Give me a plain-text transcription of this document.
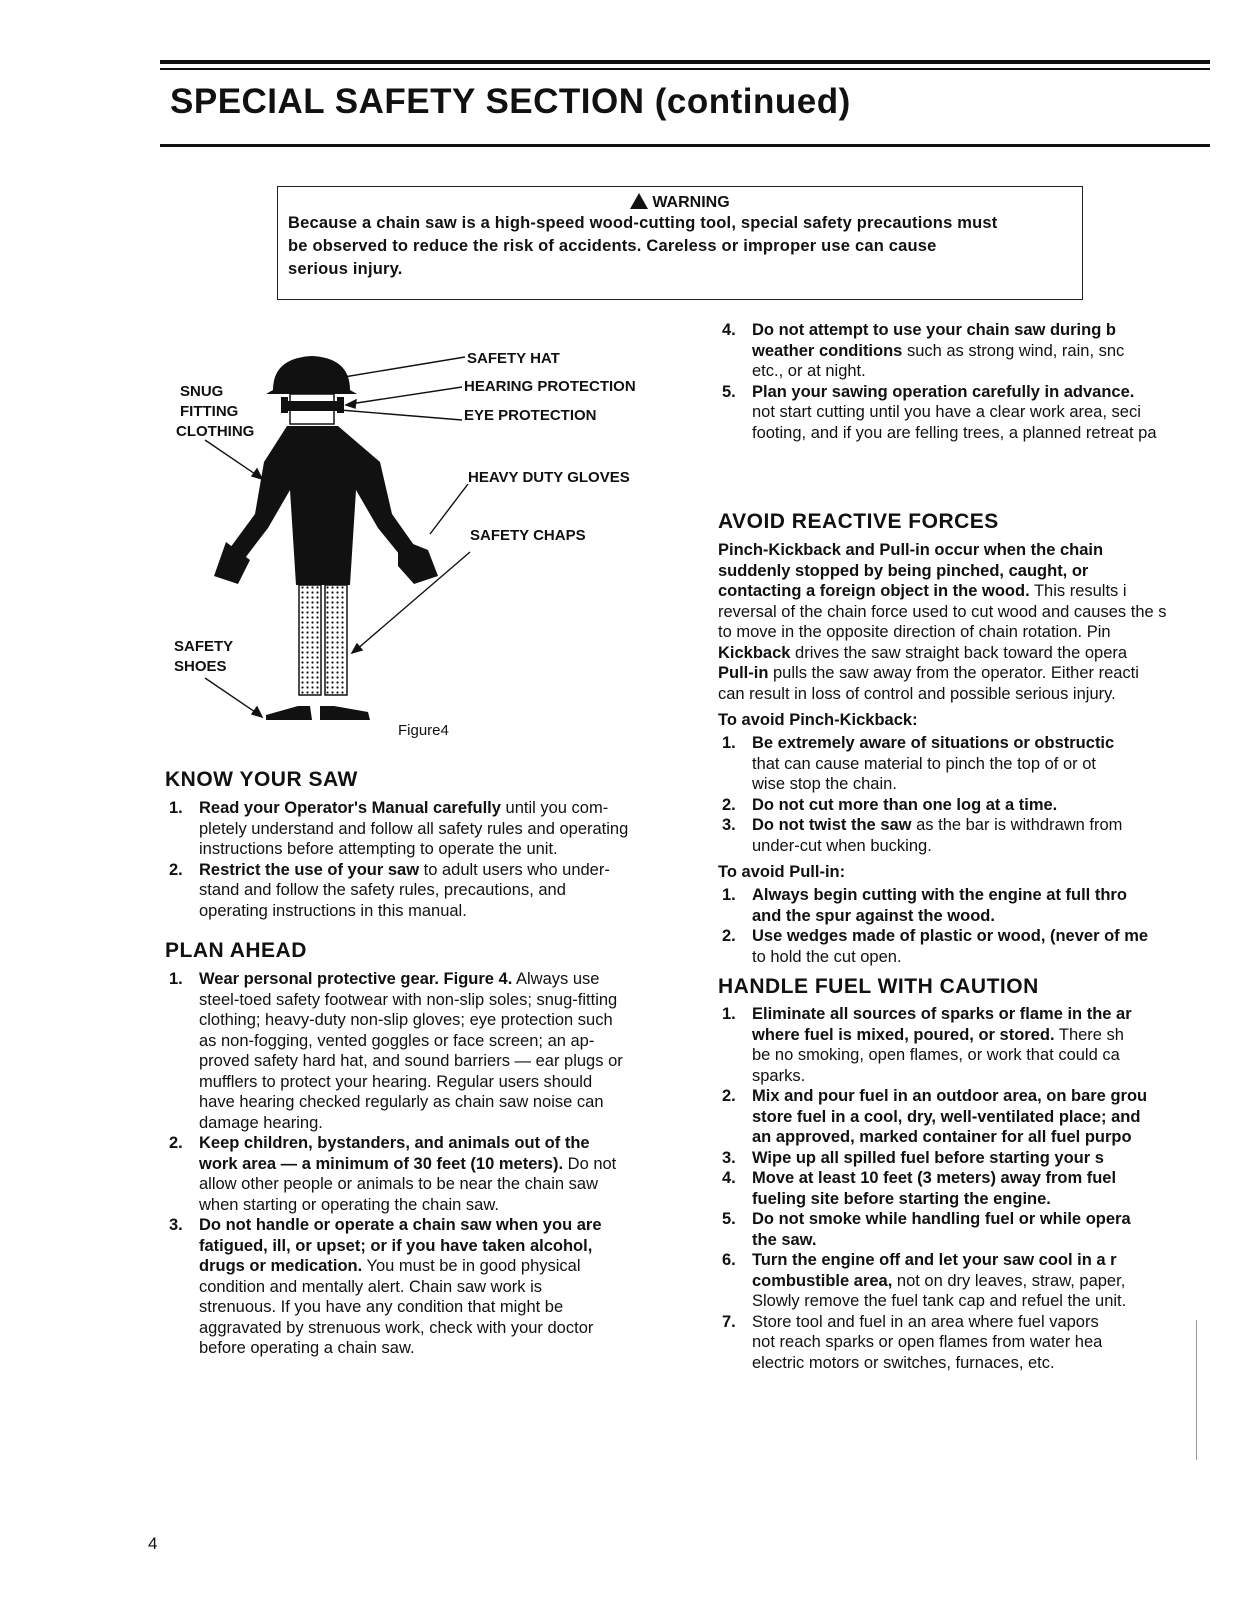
SPECIAL SAFETY SECTION (continued)
WARNING
Because a chain saw is a high-speed wood-cutting tool, special safety precautions must
be observed to reduce the risk of accidents. Careless or improper use can cause
serious injury.
SAFETY HAT
HEARING PROTECTION
EYE PROTECTION
SNUG
FITTING
CLOTHING
HEAVY DUTY GLOVES
SAFETY CHAPS
SAFETY
SHOES
Figure4
KNOW YOUR SAW
1. Read your Operator's Manual carefully until you com-
pletely understand and follow all safety rules and operating
instructions before attempting to operate the unit.
2. Restrict the use of your saw to adult users who under-
stand and follow the safety rules, precautions, and
operating instructions in this manual.
PLAN AHEAD
1. Wear personal protective gear. Figure 4. Always use
steel-toed safety footwear with non-slip soles; snug-fitting
clothing; heavy-duty non-slip gloves; eye protection such
as non-fogging, vented goggles or face screen; an ap-
proved safety hard hat, and sound barriers — ear plugs or
mufflers to protect your hearing. Regular users should
have hearing checked regularly as chain saw noise can
damage hearing.
2. Keep children, bystanders, and animals out of the
work area — a minimum of 30 feet (10 meters). Do not
allow other people or animals to be near the chain saw
when starting or operating the chain saw.
3. Do not handle or operate a chain saw when you are
fatigued, ill, or upset; or if you have taken alcohol,
drugs or medication. You must be in good physical
condition and mentally alert. Chain saw work is
strenuous. If you have any condition that might be
aggravated by strenuous work, check with your doctor
before operating a chain saw.
4. Do not attempt to use your chain saw during b
weather conditions such as strong wind, rain, snc
etc., or at night.
5. Plan your sawing operation carefully in advance.
not start cutting until you have a clear work area, seci
footing, and if you are felling trees, a planned retreat pa
AVOID REACTIVE FORCES
Pinch-Kickback and Pull-in occur when the chain
suddenly stopped by being pinched, caught, or
contacting a foreign object in the wood. This results i
reversal of the chain force used to cut wood and causes the s
to move in the opposite direction of chain rotation. Pin
Kickback drives the saw straight back toward the opera
Pull-in pulls the saw away from the operator. Either reacti
can result in loss of control and possible serious injury.
To avoid Pinch-Kickback:
1. Be extremely aware of situations or obstructic
that can cause material to pinch the top of or ot
wise stop the chain.
2. Do not cut more than one log at a time.
3. Do not twist the saw as the bar is withdrawn from
under-cut when bucking.
To avoid Pull-in:
1. Always begin cutting with the engine at full thro
and the spur against the wood.
2. Use wedges made of plastic or wood, (never of me
to hold the cut open.
HANDLE FUEL WITH CAUTION
1. Eliminate all sources of sparks or flame in the ar
where fuel is mixed, poured, or stored. There sh
be no smoking, open flames, or work that could ca
sparks.
2. Mix and pour fuel in an outdoor area, on bare grou
store fuel in a cool, dry, well-ventilated place; and
an approved, marked container for all fuel purpo
3. Wipe up all spilled fuel before starting your s
4. Move at least 10 feet (3 meters) away from fuel
fueling site before starting the engine.
5. Do not smoke while handling fuel or while opera
the saw.
6. Turn the engine off and let your saw cool in a r
combustible area, not on dry leaves, straw, paper,
Slowly remove the fuel tank cap and refuel the unit.
7. Store tool and fuel in an area where fuel vapors
not reach sparks or open flames from water hea
electric motors or switches, furnaces, etc.
4
